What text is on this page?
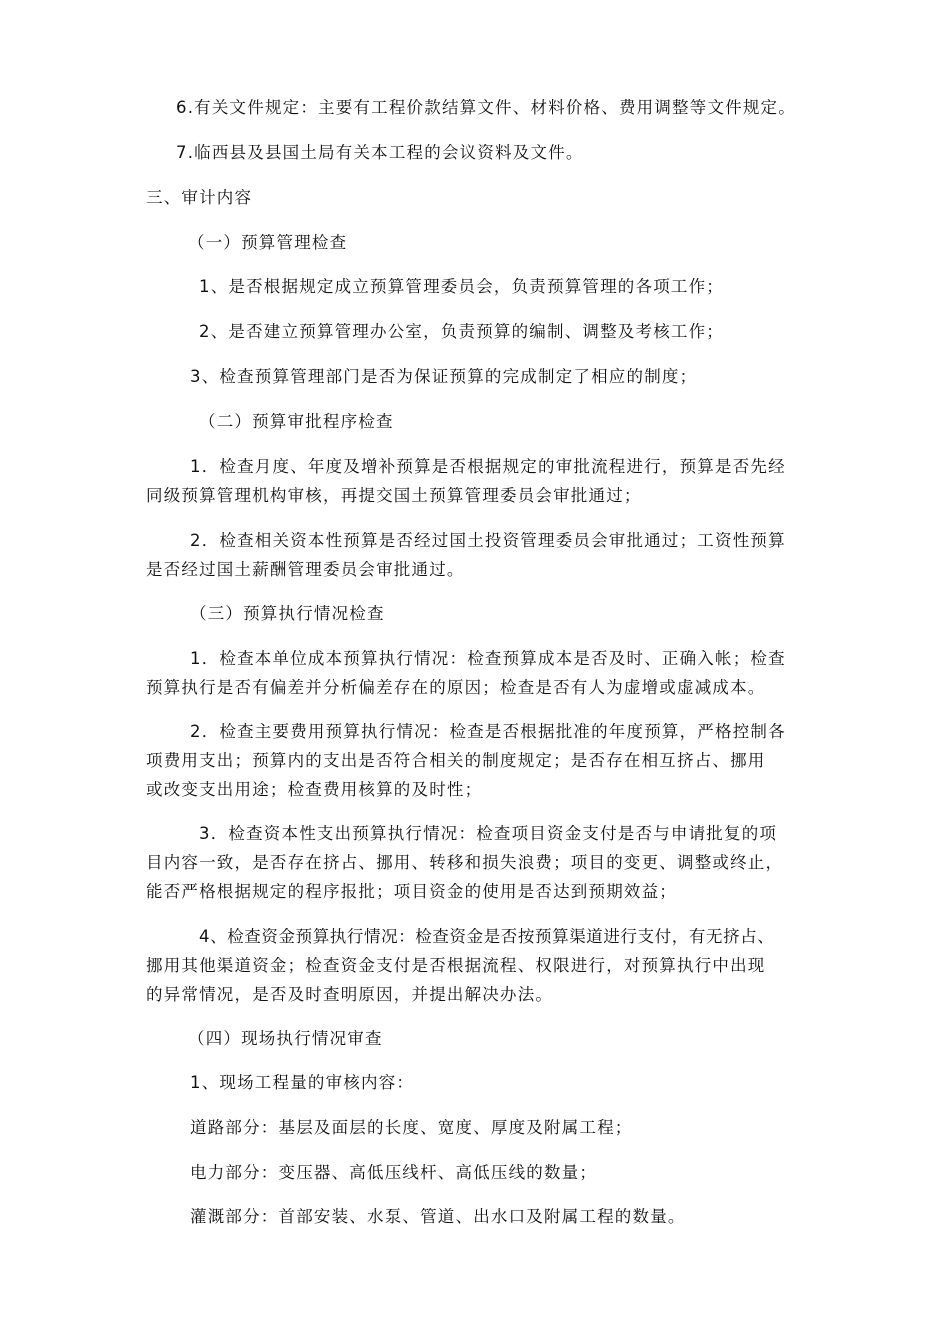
6.有关文件规定：主要有工程价款结算文件、材料价格、费用调整等文件规定。

7.临西县及县国土局有关本工程的会议资料及文件。

三、审计内容

（一）预算管理检查

1、是否根据规定成立预算管理委员会，负责预算管理的各项工作；

2、是否建立预算管理办公室，负责预算的编制、调整及考核工作；

3、检查预算管理部门是否为保证预算的完成制定了相应的制度；

（二）预算审批程序检查

1．检查月度、年度及增补预算是否根据规定的审批流程进行，预算是否先经

同级预算管理机构审核，再提交国土预算管理委员会审批通过；

2．检查相关资本性预算是否经过国土投资管理委员会审批通过；工资性预算

是否经过国土薪酬管理委员会审批通过。

（三）预算执行情况检查

1．检查本单位成本预算执行情况：检查预算成本是否及时、正确入帐；检查

预算执行是否有偏差并分析偏差存在的原因；检查是否有人为虚增或虚减成本。

2．检查主要费用预算执行情况：检查是否根据批准的年度预算，严格控制各

项费用支出；预算内的支出是否符合相关的制度规定；是否存在相互挤占、挪用

或改变支出用途；检查费用核算的及时性；

3．检查资本性支出预算执行情况：检查项目资金支付是否与申请批复的项

目内容一致，是否存在挤占、挪用、转移和损失浪费；项目的变更、调整或终止，

能否严格根据规定的程序报批；项目资金的使用是否达到预期效益；

4、检查资金预算执行情况：检查资金是否按预算渠道进行支付，有无挤占、

挪用其他渠道资金；检查资金支付是否根据流程、权限进行，对预算执行中出现

的异常情况，是否及时查明原因，并提出解决办法。

（四）现场执行情况审查

1、现场工程量的审核内容：

道路部分：基层及面层的长度、宽度、厚度及附属工程；

电力部分：变压器、高低压线杆、高低压线的数量；

灌溉部分：首部安装、水泵、管道、出水口及附属工程的数量。
